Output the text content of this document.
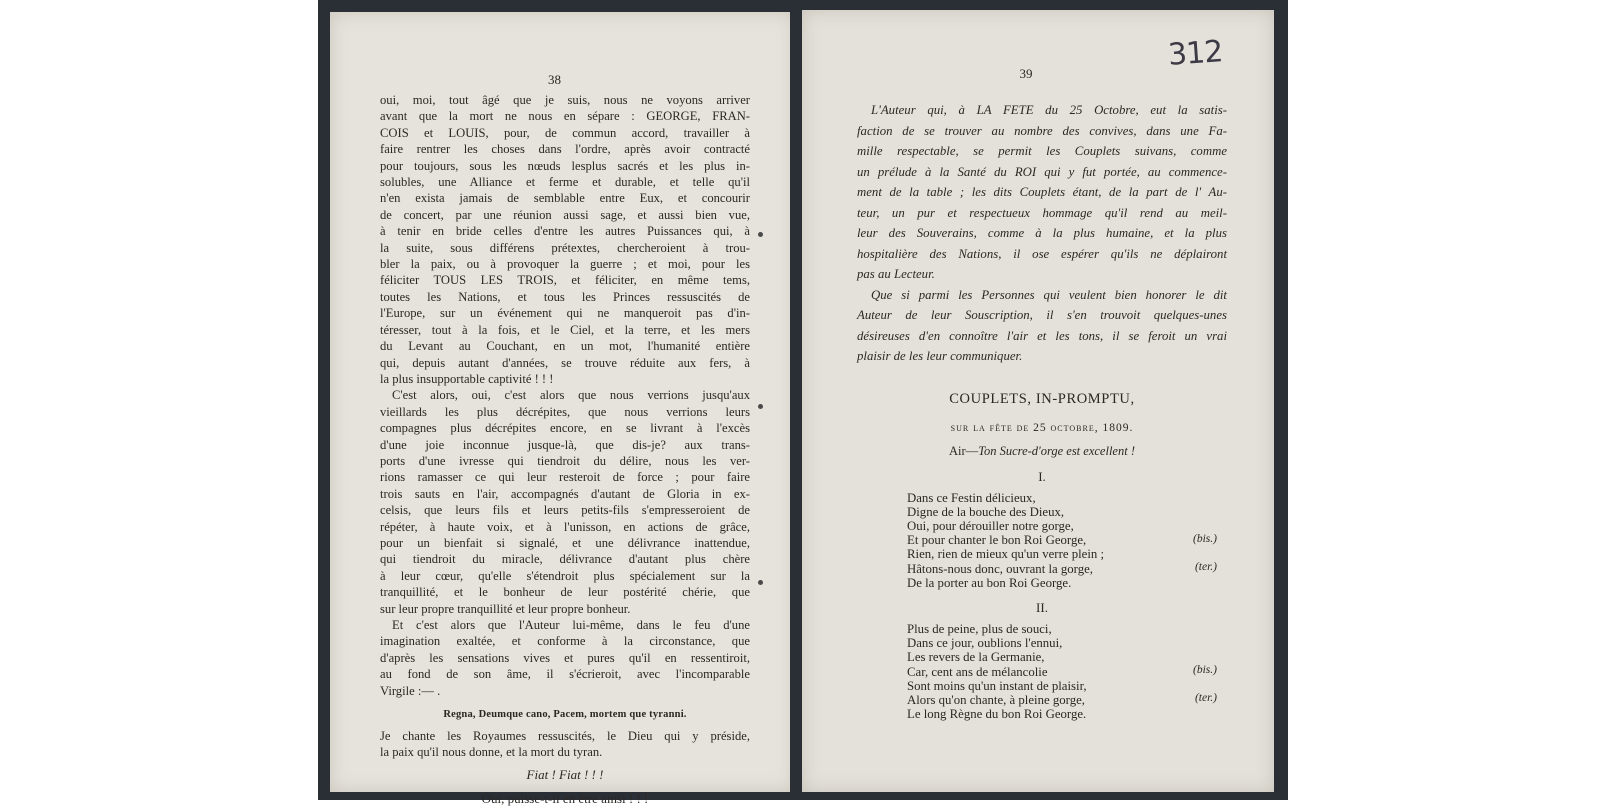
38
oui, moi, tout âgé que je suis, nous ne voyons arriver
avant que la mort ne nous en sépare : GEORGE, FRAN-
COIS et LOUIS, pour, de commun accord, travailler à
faire rentrer les choses dans l'ordre, après avoir contracté
pour toujours, sous les nœuds lesplus sacrés et les plus in-
solubles, une Alliance et ferme et durable, et telle qu'il
n'en exista jamais de semblable entre Eux, et concourir
de concert, par une réunion aussi sage, et aussi bien vue,
à tenir en bride celles d'entre les autres Puissances qui, à
la suite, sous différens prétextes, chercheroient à trou-
bler la paix, ou à provoquer la guerre ; et moi, pour les
féliciter TOUS LES TROIS, et féliciter, en même tems,
toutes les Nations, et tous les Princes ressuscités de
l'Europe, sur un événement qui ne manqueroit pas d'in-
téresser, tout à la fois, et le Ciel, et la terre, et les mers
du Levant au Couchant, en un mot, l'humanité entière
qui, depuis autant d'années, se trouve réduite aux fers, à
la plus insupportable captivité ! ! !
C'est alors, oui, c'est alors que nous verrions jusqu'aux
vieillards les plus décrépites, que nous verrions leurs
compagnes plus décrépites encore, en se livrant à l'excès
d'une joie inconnue jusque-là, que dis-je? aux trans-
ports d'une ivresse qui tiendroit du délire, nous les ver-
rions ramasser ce qui leur resteroit de force ; pour faire
trois sauts en l'air, accompagnés d'autant de Gloria in ex-
celsis, que leurs fils et leurs petits-fils s'empresseroient de
répéter, à haute voix, et à l'unisson, en actions de grâce,
pour un bienfait si signalé, et une délivrance inattendue,
qui tiendroit du miracle, délivrance d'autant plus chère
à leur cœur, qu'elle s'étendroit plus spécialement sur la
tranquillité, et le bonheur de leur postérité chérie, que
sur leur propre tranquillité et leur propre bonheur.
Et c'est alors que l'Auteur lui-même, dans le feu d'une
imagination exaltée, et conforme à la circonstance, que
d'après les sensations vives et pures qu'il en ressentiroit,
au fond de son âme, il s'écrieroit, avec l'incomparable
Virgile :— .
Regna, Deumque cano, Pacem, mortem que tyranni.
Je chante les Royaumes ressuscités, le Dieu qui y préside,
la paix qu'il nous donne, et la mort du tyran.
Fiat ! Fiat ! ! !
Oui, puisse-t-il en être ainsi ! ! !
39
312
L'Auteur qui, à LA FETE du 25 Octobre, eut la satis-
faction de se trouver au nombre des convives, dans une Fa-
mille respectable, se permit les Couplets suivans, comme
un prélude à la Santé du ROI qui y fut portée, au commence-
ment de la table ; les dits Couplets étant, de la part de l' Au-
teur, un pur et respectueux hommage qu'il rend au meil-
leur des Souverains, comme à la plus humaine, et la plus
hospitalière des Nations, il ose espérer qu'ils ne déplairont
pas au Lecteur.
Que si parmi les Personnes qui veulent bien honorer le dit
Auteur de leur Souscription, il s'en trouvoit quelques-unes
désireuses d'en connoître l'air et les tons, il se feroit un vrai
plaisir de les leur communiquer.
COUPLETS, IN-PROMPTU,
sur la fête de 25 octobre, 1809.
Air—Ton Sucre-d'orge est excellent !
I.
Dans ce Festin délicieux,
Digne de la bouche des Dieux,
Oui, pour dérouiller notre gorge,
Et pour chanter le bon Roi George,
Rien, rien de mieux qu'un verre plein ;
Hâtons-nous donc, ouvrant la gorge,
De la porter au bon Roi George.
(bis.)
(ter.)
II.
Plus de peine, plus de souci,
Dans ce jour, oublions l'ennui,
Les revers de la Germanie,
Car, cent ans de mélancolie
Sont moins qu'un instant de plaisir,
Alors qu'on chante, à pleine gorge,
Le long Règne du bon Roi George.
(bis.)
(ter.)
